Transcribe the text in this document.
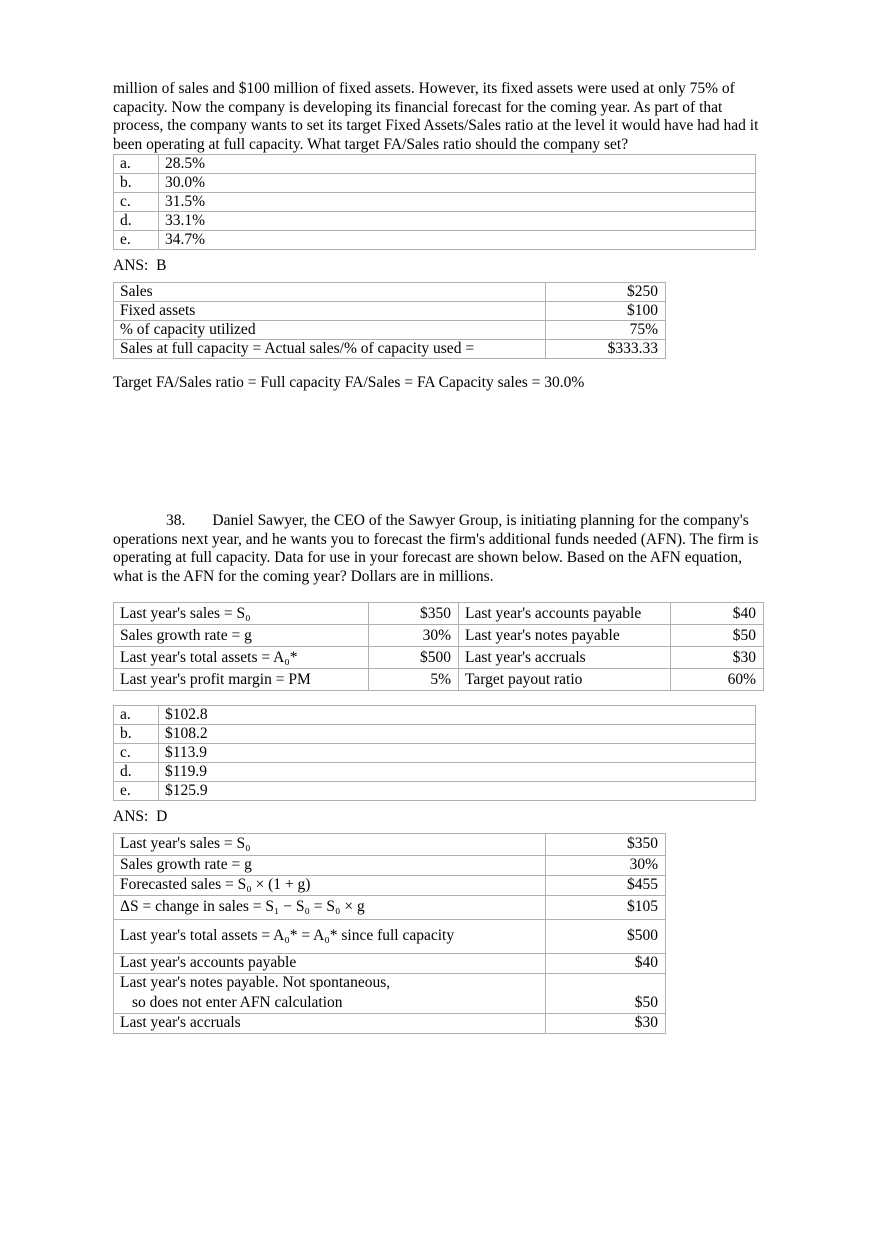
million of sales and $100 million of fixed assets. However, its fixed assets were used at only 75% of capacity. Now the company is developing its financial forecast for the coming year. As part of that process, the company wants to set its target Fixed Assets/Sales ratio at the level it would have had had it been operating at full capacity. What target FA/Sales ratio should the company set?

a.	28.5%
b.	30.0%
c.	31.5%
d.	33.1%
e.	34.7%

ANS:  B

Sales	$250
Fixed assets	$100
% of capacity utilized	75%
Sales at full capacity = Actual sales/% of capacity used =	$333.33

Target FA/Sales ratio = Full capacity FA/Sales = FA Capacity sales = 30.0%

38. Daniel Sawyer, the CEO of the Sawyer Group, is initiating planning for the company's operations next year, and he wants you to forecast the firm's additional funds needed (AFN). The firm is operating at full capacity. Data for use in your forecast are shown below. Based on the AFN equation, what is the AFN for the coming year? Dollars are in millions.

Last year's sales = S₀	$350	Last year's accounts payable	$40
Sales growth rate = g	30%	Last year's notes payable	$50
Last year's total assets = A₀*	$500	Last year's accruals	$30
Last year's profit margin = PM	5%	Target payout ratio	60%
a.	$102.8
b.	$108.2
c.	$113.9
d.	$119.9
e.	$125.9

ANS:  D

Last year's sales = S₀	$350
Sales growth rate = g	30%
Forecasted sales = S₀ × (1 + g)	$455
ΔS = change in sales = S₁ − S₀ = S₀ × g	$105
Last year's total assets = A₀* = A₀* since full capacity	$500
Last year's accounts payable	$40
Last year's notes payable. Not spontaneous,	
so does not enter AFN calculation	$50
Last year's accruals	$30
